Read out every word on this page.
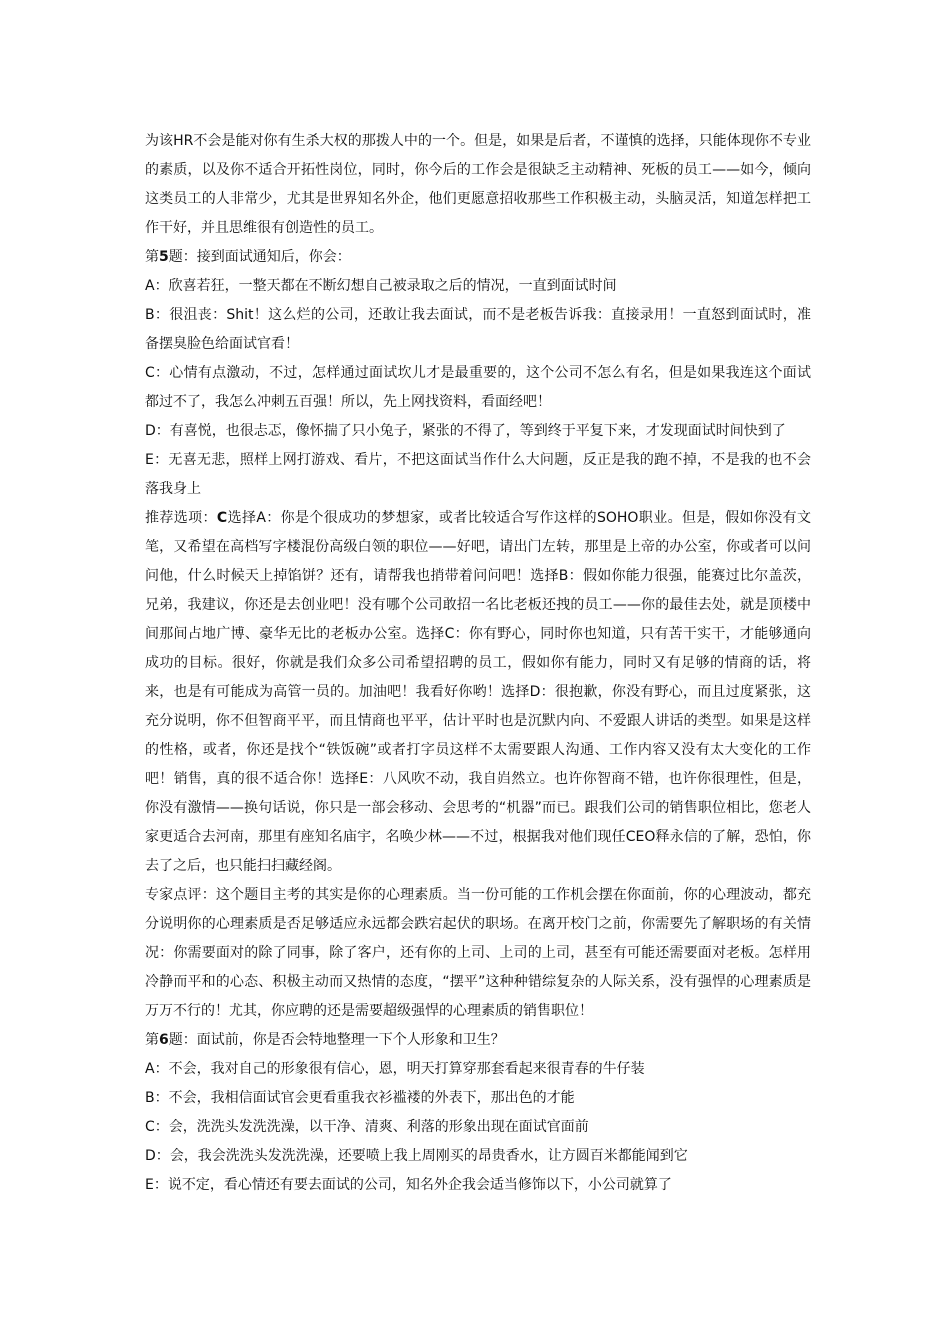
为该HR不会是能对你有生杀大权的那拨人中的一个。但是，如果是后者，不谨慎的选择，只能体现你不专业的素质，以及你不适合开拓性岗位，同时，你今后的工作会是很缺乏主动精神、死板的员工——如今，倾向这类员工的人非常少，尤其是世界知名外企，他们更愿意招收那些工作积极主动，头脑灵活，知道怎样把工作干好，并且思维很有创造性的员工。

第5题：接到面试通知后，你会：

A：欣喜若狂，一整天都在不断幻想自己被录取之后的情况，一直到面试时间

B：很沮丧：Shit！这么烂的公司，还敢让我去面试，而不是老板告诉我：直接录用！一直怒到面试时，准备摆臭脸色给面试官看！

C：心情有点激动，不过，怎样通过面试坎儿才是最重要的，这个公司不怎么有名，但是如果我连这个面试都过不了，我怎么冲刺五百强！所以，先上网找资料，看面经吧！

D：有喜悦，也很忐忑，像怀揣了只小兔子，紧张的不得了，等到终于平复下来，才发现面试时间快到了

E：无喜无悲，照样上网打游戏、看片，不把这面试当作什么大问题，反正是我的跑不掉，不是我的也不会落我身上

推荐选项：C选择A：你是个很成功的梦想家，或者比较适合写作这样的SOHO职业。但是，假如你没有文笔，又希望在高档写字楼混份高级白领的职位——好吧，请出门左转，那里是上帝的办公室，你或者可以问问他，什么时候天上掉馅饼？还有，请帮我也捎带着问问吧！选择B：假如你能力很强，能赛过比尔盖茨，兄弟，我建议，你还是去创业吧！没有哪个公司敢招一名比老板还拽的员工——你的最佳去处，就是顶楼中间那间占地广博、豪华无比的老板办公室。选择C：你有野心，同时你也知道，只有苦干实干，才能够通向成功的目标。很好，你就是我们众多公司希望招聘的员工，假如你有能力，同时又有足够的情商的话，将来，也是有可能成为高管一员的。加油吧！我看好你哟！选择D：很抱歉，你没有野心，而且过度紧张，这充分说明，你不但智商平平，而且情商也平平，估计平时也是沉默内向、不爱跟人讲话的类型。如果是这样的性格，或者，你还是找个“铁饭碗”或者打字员这样不太需要跟人沟通、工作内容又没有太大变化的工作吧！销售，真的很不适合你！选择E：八风吹不动，我自岿然立。也许你智商不错，也许你很理性，但是，你没有激情——换句话说，你只是一部会移动、会思考的“机器”而已。跟我们公司的销售职位相比，您老人家更适合去河南，那里有座知名庙宇，名唤少林——不过，根据我对他们现任CEO释永信的了解，恐怕，你去了之后，也只能扫扫藏经阁。

专家点评：这个题目主考的其实是你的心理素质。当一份可能的工作机会摆在你面前，你的心理波动，都充分说明你的心理素质是否足够适应永远都会跌宕起伏的职场。在离开校门之前，你需要先了解职场的有关情况：你需要面对的除了同事，除了客户，还有你的上司、上司的上司，甚至有可能还需要面对老板。怎样用冷静而平和的心态、积极主动而又热情的态度，“摆平”这种种错综复杂的人际关系，没有强悍的心理素质是万万不行的！尤其，你应聘的还是需要超级强悍的心理素质的销售职位！

第6题：面试前，你是否会特地整理一下个人形象和卫生？

A：不会，我对自己的形象很有信心，恩，明天打算穿那套看起来很青春的牛仔装

B：不会，我相信面试官会更看重我衣衫褴褛的外表下，那出色的才能

C：会，洗洗头发洗洗澡，以干净、清爽、利落的形象出现在面试官面前

D：会，我会洗洗头发洗洗澡，还要喷上我上周刚买的昂贵香水，让方圆百米都能闻到它

E：说不定，看心情还有要去面试的公司，知名外企我会适当修饰以下，小公司就算了
